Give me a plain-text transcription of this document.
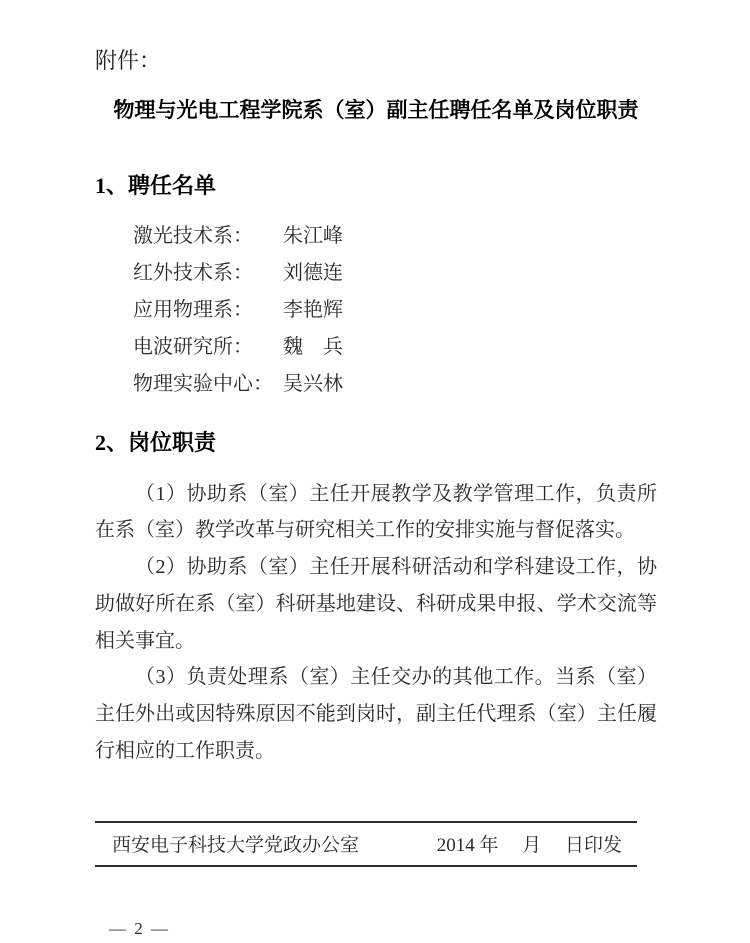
附件：
物理与光电工程学院系（室）副主任聘任名单及岗位职责
1、聘任名单
激光技术系： 朱江峰
红外技术系： 刘德连
应用物理系： 李艳辉
电波研究所： 魏　兵
物理实验中心： 吴兴林
2、岗位职责

（1）协助系（室）主任开展教学及教学管理工作，负责所在系（室）教学改革与研究相关工作的安排实施与督促落实。

（2）协助系（室）主任开展科研活动和学科建设工作，协助做好所在系（室）科研基地建设、科研成果申报、学术交流等相关事宜。

（3）负责处理系（室）主任交办的其他工作。当系（室）主任外出或因特殊原因不能到岗时，副主任代理系（室）主任履行相应的工作职责。

西安电子科技大学党政办公室	2014 年　 月　 日印发
— 2 —
